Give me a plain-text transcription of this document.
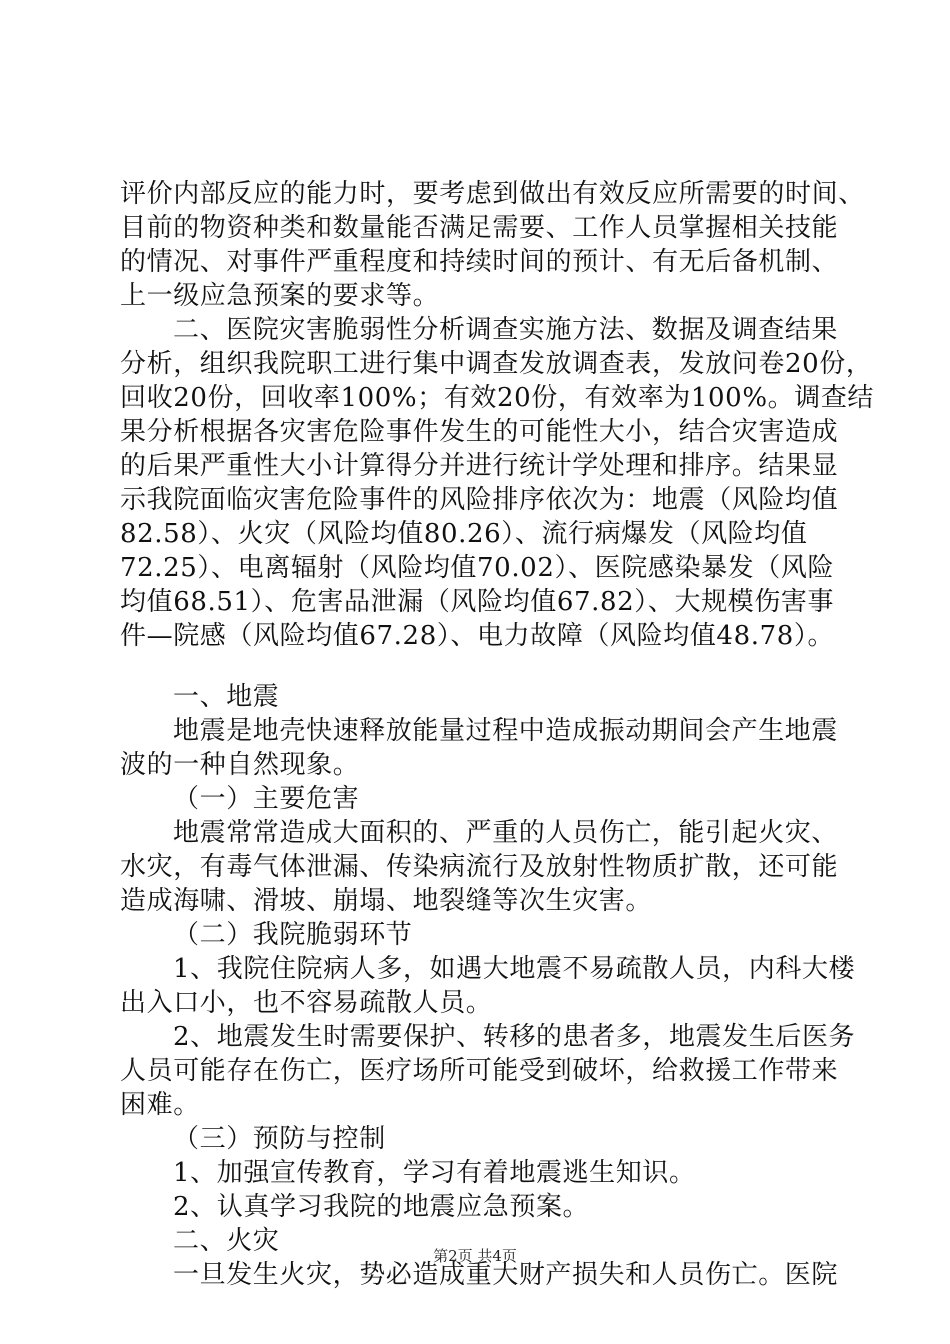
评价内部反应的能力时，要考虑到做出有效反应所需要的时间、
目前的物资种类和数量能否满足需要、工作人员掌握相关技能
的情况、对事件严重程度和持续时间的预计、有无后备机制、
上一级应急预案的要求等。
二、医院灾害脆弱性分析调查实施方法、数据及调查结果
分析，组织我院职工进行集中调查发放调查表，发放问卷20份，
回收20份，回收率100%；有效20份，有效率为100%。调查结
果分析根据各灾害危险事件发生的可能性大小，结合灾害造成
的后果严重性大小计算得分并进行统计学处理和排序。结果显
示我院面临灾害危险事件的风险排序依次为：地震（风险均值
82.58）、火灾（风险均值80.26）、流行病爆发（风险均值
72.25）、电离辐射（风险均值70.02）、医院感染暴发（风险
均值68.51）、危害品泄漏（风险均值67.82）、大规模伤害事
件—院感（风险均值67.28）、电力故障（风险均值48.78）。
一、地震
地震是地壳快速释放能量过程中造成振动期间会产生地震
波的一种自然现象。
（一）主要危害
地震常常造成大面积的、严重的人员伤亡，能引起火灾、
水灾，有毒气体泄漏、传染病流行及放射性物质扩散，还可能
造成海啸、滑坡、崩塌、地裂缝等次生灾害。
（二）我院脆弱环节
1、我院住院病人多，如遇大地震不易疏散人员，内科大楼
出入口小，也不容易疏散人员。
2、地震发生时需要保护、转移的患者多，地震发生后医务
人员可能存在伤亡，医疗场所可能受到破坏，给救援工作带来
困难。
（三）预防与控制
1、加强宣传教育，学习有着地震逃生知识。
2、认真学习我院的地震应急预案。
二、火灾
一旦发生火灾，势必造成重大财产损失和人员伤亡。医院
第2页 共4页
